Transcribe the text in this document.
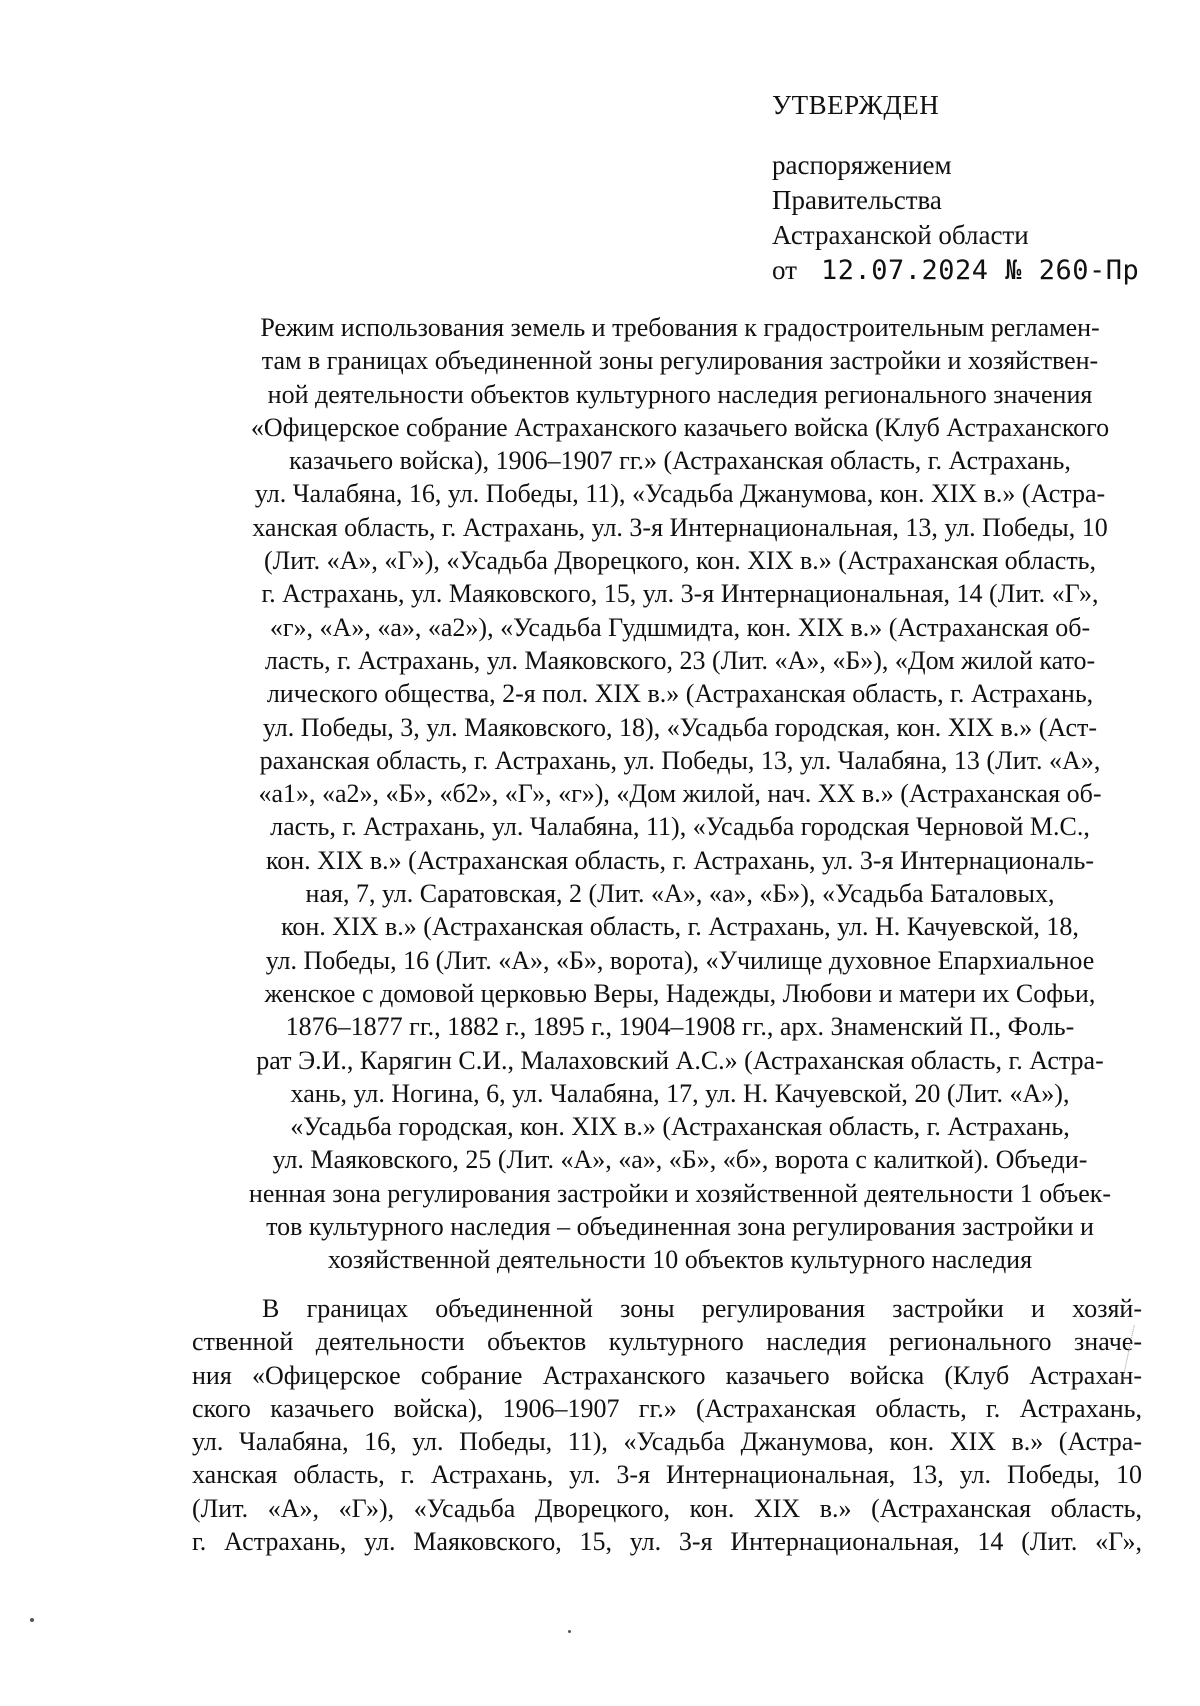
УТВЕРЖДЕН
распоряжением
Правительства
Астраханской области
от 12.07.2024 № 260-Пр
Режим использования земель и требования к градостроительным регламен-
там в границах объединенной зоны регулирования застройки и хозяйствен-
ной деятельности объектов культурного наследия регионального значения
«Офицерское собрание Астраханского казачьего войска (Клуб Астраханского
казачьего войска), 1906–1907 гг.» (Астраханская область, г. Астрахань,
ул. Чалабяна, 16, ул. Победы, 11), «Усадьба Джанумова, кон. XIX в.» (Астра-
ханская область, г. Астрахань, ул. 3-я Интернациональная, 13, ул. Победы, 10
(Лит. «А», «Г»), «Усадьба Дворецкого, кон. XIX в.» (Астраханская область,
г. Астрахань, ул. Маяковского, 15, ул. 3-я Интернациональная, 14 (Лит. «Г»,
«г», «А», «а», «а2»), «Усадьба Гудшмидта, кон. XIX в.» (Астраханская об-
ласть, г. Астрахань, ул. Маяковского, 23 (Лит. «А», «Б»), «Дом жилой като-
лического общества, 2-я пол. XIX в.» (Астраханская область, г. Астрахань,
ул. Победы, 3, ул. Маяковского, 18), «Усадьба городская, кон. XIX в.» (Аст-
раханская область, г. Астрахань, ул. Победы, 13, ул. Чалабяна, 13 (Лит. «А»,
«а1», «а2», «Б», «б2», «Г», «г»), «Дом жилой, нач. XX в.» (Астраханская об-
ласть, г. Астрахань, ул. Чалабяна, 11), «Усадьба городская Черновой М.С.,
кон. XIX в.» (Астраханская область, г. Астрахань, ул. 3-я Интернациональ-
ная, 7, ул. Саратовская, 2 (Лит. «А», «а», «Б»), «Усадьба Баталовых,
кон. XIX в.» (Астраханская область, г. Астрахань, ул. Н. Качуевской, 18,
ул. Победы, 16 (Лит. «А», «Б», ворота), «Училище духовное Епархиальное
женское с домовой церковью Веры, Надежды, Любови и матери их Софьи,
1876–1877 гг., 1882 г., 1895 г., 1904–1908 гг., арх. Знаменский П., Фоль-
рат Э.И., Карягин С.И., Малаховский А.С.» (Астраханская область, г. Астра-
хань, ул. Ногина, 6, ул. Чалабяна, 17, ул. Н. Качуевской, 20 (Лит. «А»),
«Усадьба городская, кон. XIX в.» (Астраханская область, г. Астрахань,
ул. Маяковского, 25 (Лит. «А», «а», «Б», «б», ворота с калиткой). Объеди-
ненная зона регулирования застройки и хозяйственной деятельности 1 объек-
тов культурного наследия – объединенная зона регулирования застройки и
хозяйственной деятельности 10 объектов культурного наследия
В границах объединенной зоны регулирования застройки и хозяй-
ственной деятельности объектов культурного наследия регионального значе-
ния «Офицерское собрание Астраханского казачьего войска (Клуб Астрахан-
ского казачьего войска), 1906–1907 гг.» (Астраханская область, г. Астрахань,
ул. Чалабяна, 16, ул. Победы, 11), «Усадьба Джанумова, кон. XIX в.» (Астра-
ханская область, г. Астрахань, ул. 3-я Интернациональная, 13, ул. Победы, 10
(Лит. «А», «Г»), «Усадьба Дворецкого, кон. XIX в.» (Астраханская область,
г. Астрахань, ул. Маяковского, 15, ул. 3-я Интернациональная, 14 (Лит. «Г»,
